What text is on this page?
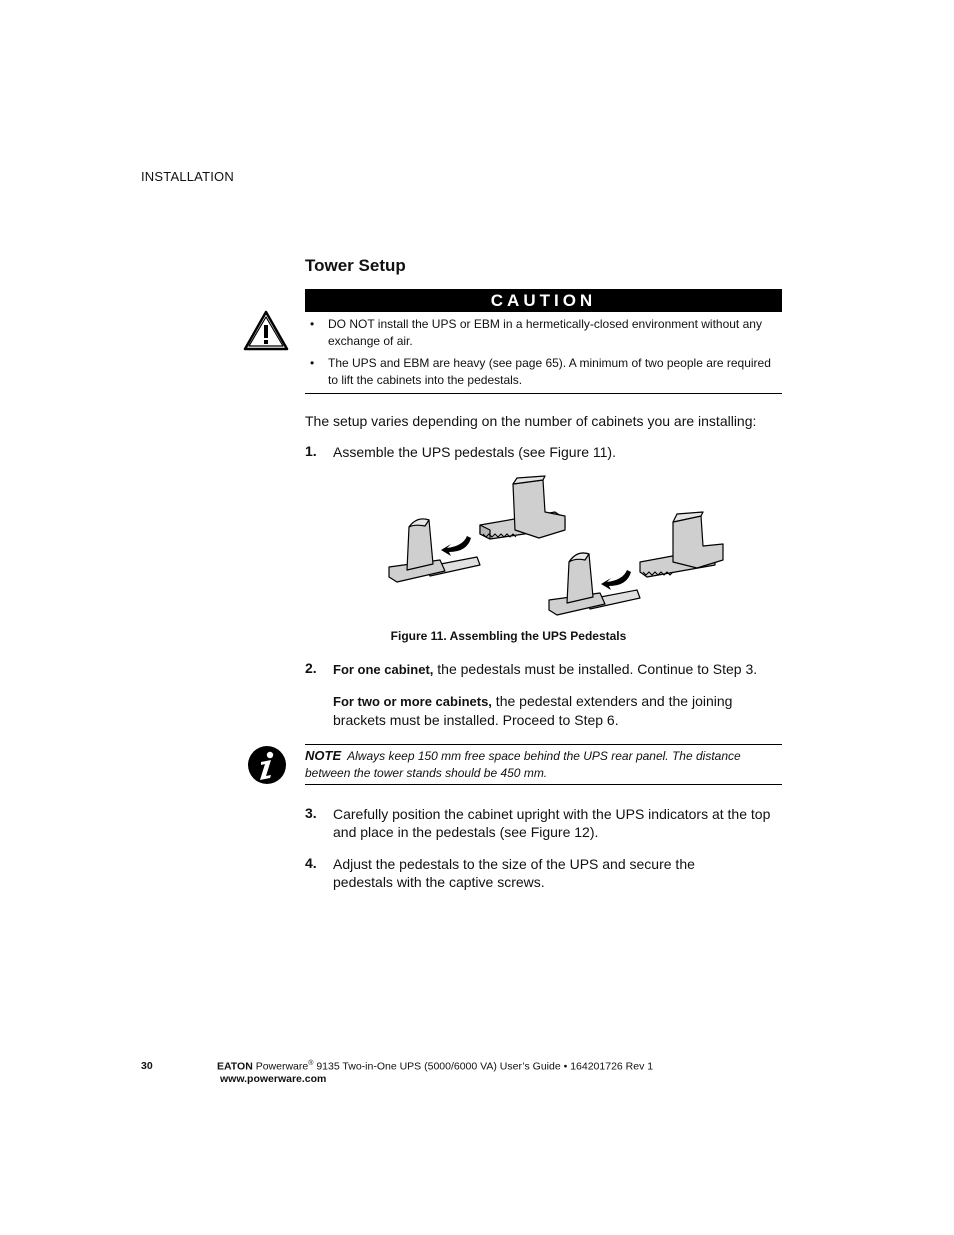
INSTALLATION
Tower Setup
CAUTION
• DO NOT install the UPS or EBM in a hermetically-closed environment without any exchange of air.
• The UPS and EBM are heavy (see page 65). A minimum of two people are required to lift the cabinets into the pedestals.
The setup varies depending on the number of cabinets you are installing:
1. Assemble the UPS pedestals (see Figure 11).
Figure 11. Assembling the UPS Pedestals
2. For one cabinet, the pedestals must be installed. Continue to Step 3.
For two or more cabinets, the pedestal extenders and the joining brackets must be installed. Proceed to Step 6.
NOTE Always keep 150 mm free space behind the UPS rear panel. The distance between the tower stands should be 450 mm.
3. Carefully position the cabinet upright with the UPS indicators at the top and place in the pedestals (see Figure 12).
4. Adjust the pedestals to the size of the UPS and secure the pedestals with the captive screws.
30	EATON Powerware® 9135 Two-in-One UPS (5000/6000 VA) User’s Guide • 164201726 Rev 1
www.powerware.com
